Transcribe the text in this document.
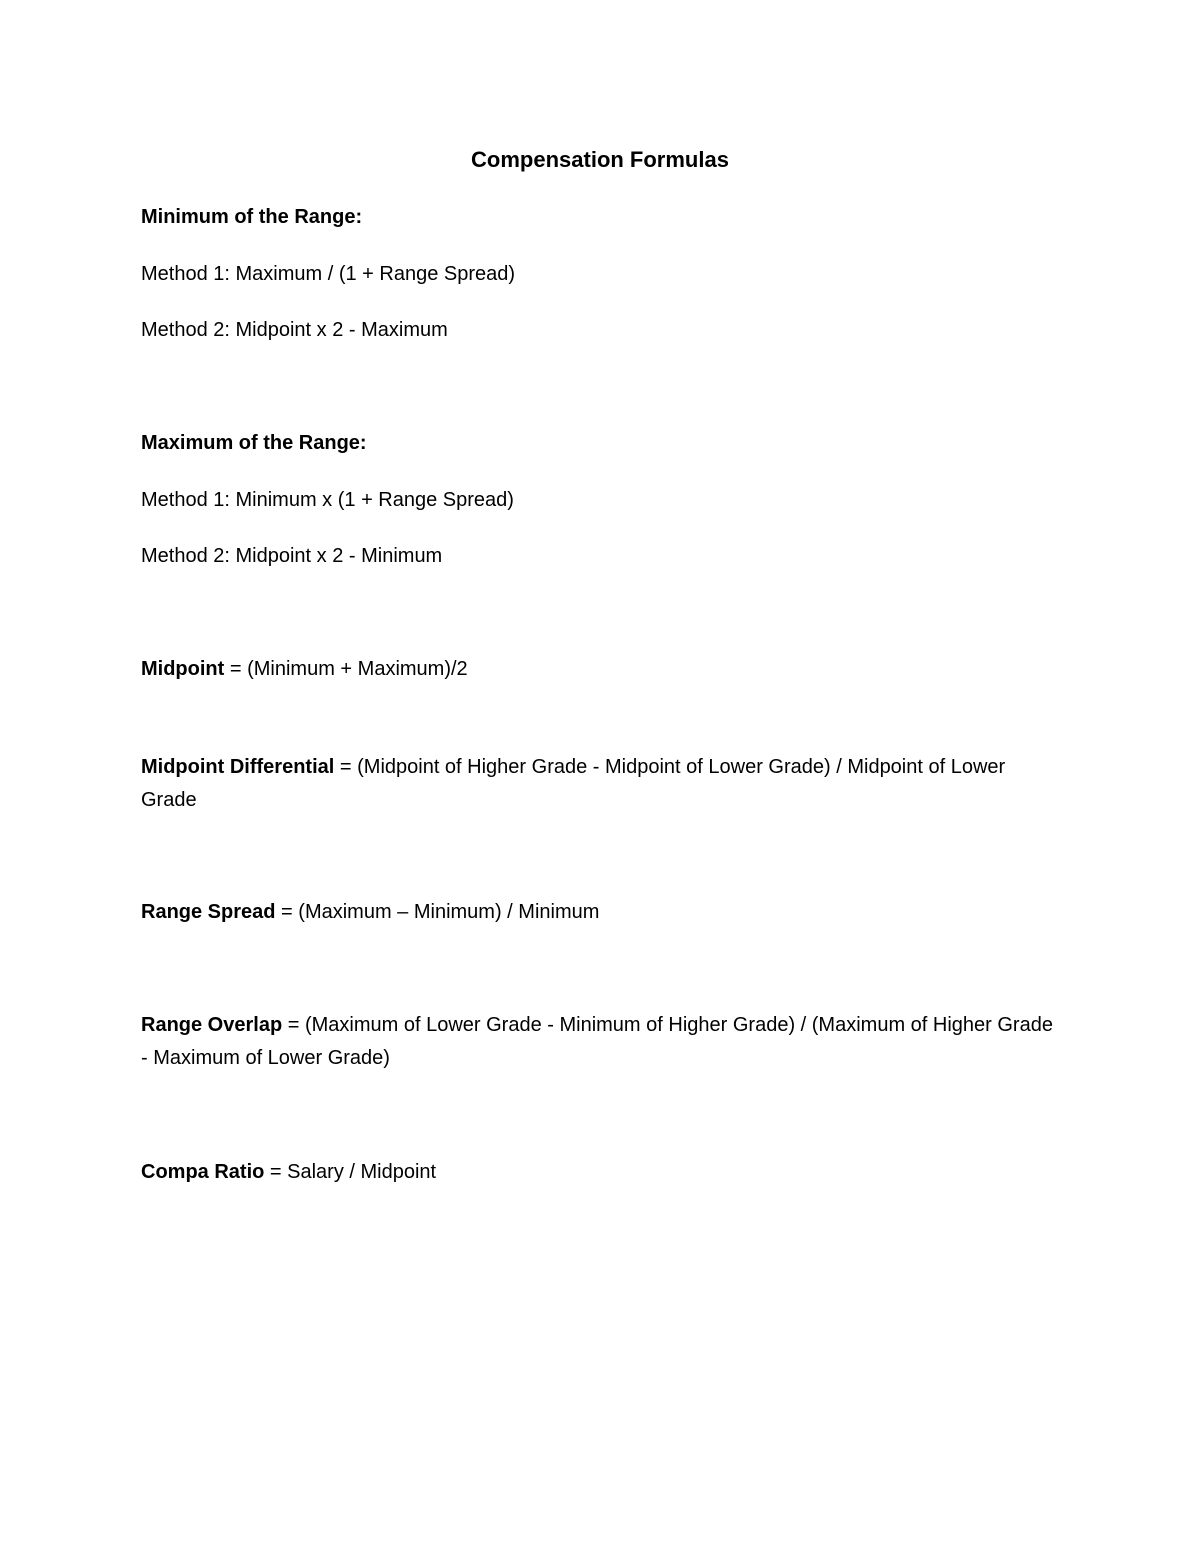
Compensation Formulas
Minimum of the Range:
Method 1: Maximum / (1 + Range Spread)
Method 2: Midpoint x 2 - Maximum
Maximum of the Range:
Method 1: Minimum x (1 + Range Spread)
Method 2: Midpoint x 2 - Minimum
Midpoint = (Minimum + Maximum)/2
Midpoint Differential = (Midpoint of Higher Grade - Midpoint of Lower Grade) / Midpoint of Lower Grade
Range Spread = (Maximum – Minimum) / Minimum
Range Overlap = (Maximum of Lower Grade - Minimum of Higher Grade) / (Maximum of Higher Grade - Maximum of Lower Grade)
Compa Ratio = Salary / Midpoint
